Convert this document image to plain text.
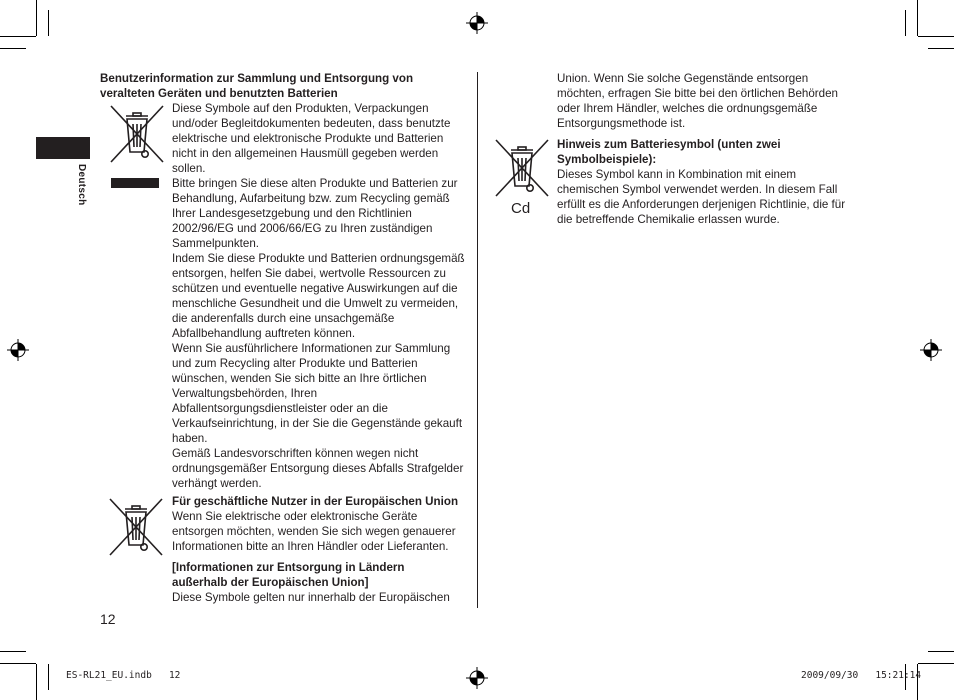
Deutsch
Benutzerinformation zur Sammlung und Entsorgung von veralteten Geräten und benutzten Batterien

Diese Symbole auf den Produkten, Verpackungen und/oder Begleitdokumenten bedeuten, dass benutzte elektrische und elektronische Produkte und Batterien nicht in den allgemeinen Hausmüll gegeben werden sollen.

Bitte bringen Sie diese alten Produkte und Batterien zur Behandlung, Aufarbeitung bzw. zum Recycling gemäß Ihrer Landesgesetzgebung und den Richtlinien 2002/96/EG und 2006/66/EG zu Ihren zuständigen Sammelpunkten.

Indem Sie diese Produkte und Batterien ordnungsgemäß entsorgen, helfen Sie dabei, wertvolle Ressourcen zu schützen und eventuelle negative Auswirkungen auf die menschliche Gesundheit und die Umwelt zu vermeiden, die anderenfalls durch eine unsachgemäße Abfallbehandlung auftreten können.

Wenn Sie ausführlichere Informationen zur Sammlung und zum Recycling alter Produkte und Batterien wünschen, wenden Sie sich bitte an Ihre örtlichen Verwaltungsbehörden, Ihren Abfallentsorgungsdienstleister oder an die Verkaufseinrichtung, in der Sie die Gegenstände gekauft haben.

Gemäß Landesvorschriften können wegen nicht ordnungsgemäßer Entsorgung dieses Abfalls Strafgelder verhängt werden.

Für geschäftliche Nutzer in der Europäischen Union

Wenn Sie elektrische oder elektronische Geräte entsorgen möchten, wenden Sie sich wegen genauerer Informationen bitte an Ihren Händler oder Lieferanten.

[Informationen zur Entsorgung in Ländern außerhalb der Europäischen Union]

Diese Symbole gelten nur innerhalb der Europäischen

Union. Wenn Sie solche Gegenstände entsorgen möchten, erfragen Sie bitte bei den örtlichen Behörden oder Ihrem Händler, welches die ordnungsgemäße Entsorgungsmethode ist.

Hinweis zum Batteriesymbol (unten zwei Symbolbeispiele):

Dieses Symbol kann in Kombination mit einem chemischen Symbol verwendet werden. In diesem Fall erfüllt es die Anforderungen derjenigen Richtlinie, die für die betreffende Chemikalie erlassen wurde.

Cd
12
ES-RL21_EU.indb   12	2009/09/30   15:21:14
